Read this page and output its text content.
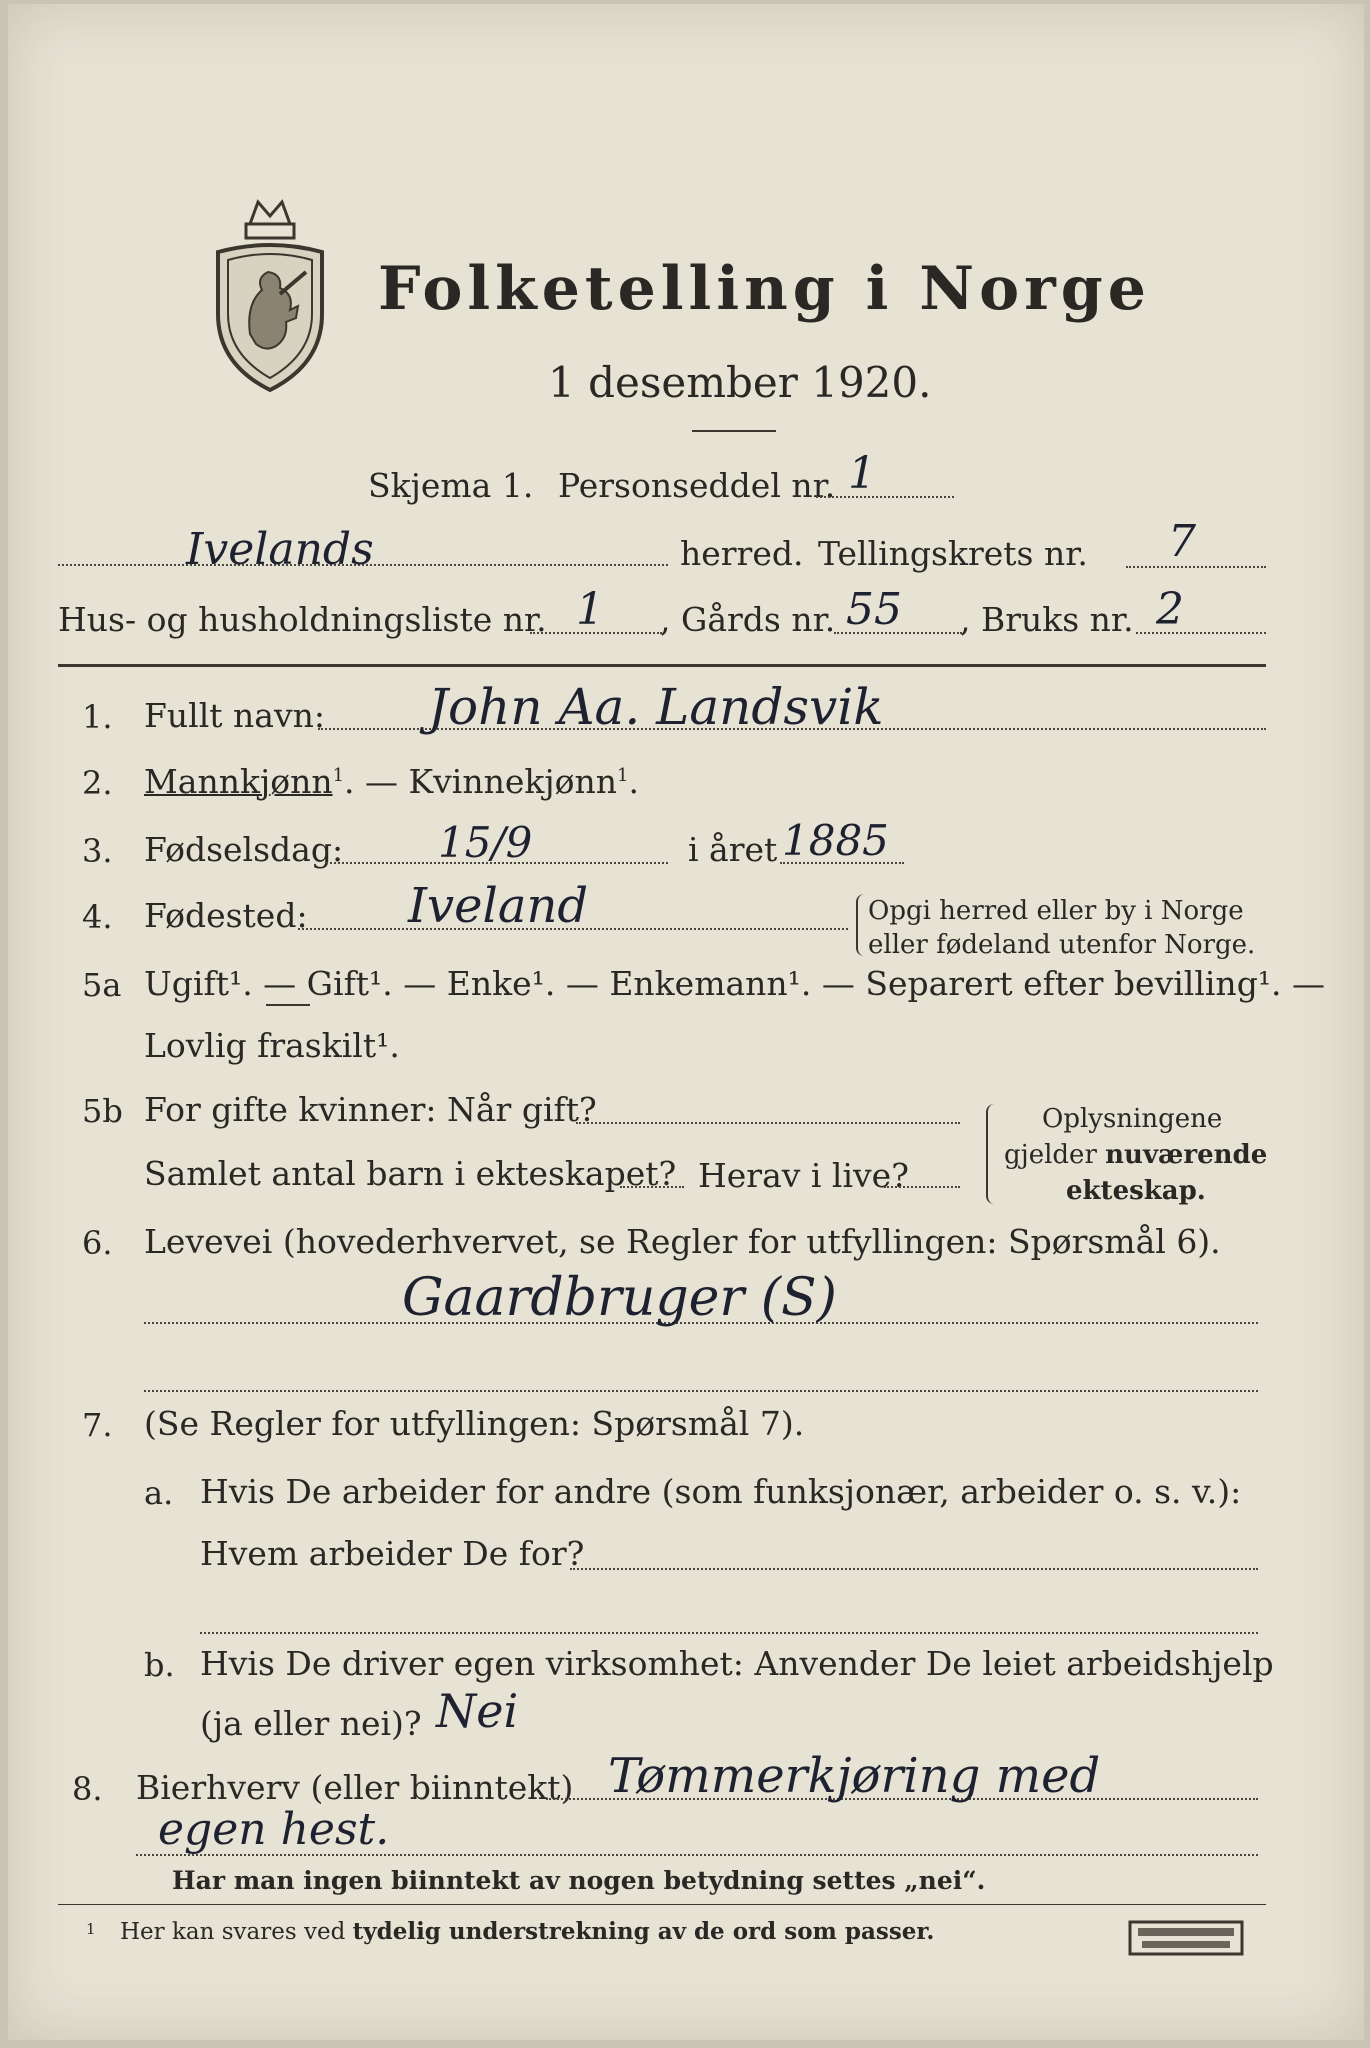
Folketelling i Norge
1 desember 1920.
Skjema 1. Personseddel nr. 1
Ivelands	herred. Tellingskrets nr. 7
Hus- og husholdningsliste nr. 1 , Gårds nr. 55 , Bruks nr. 2
1. Fullt navn: John Aa. Landsvik
2. Mannkjønn$^1$. — Kvinnekjønn$^1$.
3. Fødselsdag: 15/9	i året 1885
4. Fødested: Iveland	Opgi herred eller by i Norge
eller fødeland utenfor Norge.
5a Ugift¹. — Gift¹. — Enke¹. — Enkemann¹. — Separert efter bevilling¹. —
Lovlig fraskilt¹.
5b For gifte kvinner: Når gift?
Samlet antal barn i ekteskapet? Herav i live?
Oplysningene
gjelder nuværende
ekteskap.
6. Levevei (hovederhvervet, se Regler for utfyllingen: Spørsmål 6).
Gaardbruger (S)
7. (Se Regler for utfyllingen: Spørsmål 7).
a. Hvis De arbeider for andre (som funksjonær, arbeider o. s. v.):
Hvem arbeider De for?
b. Hvis De driver egen virksomhet: Anvender De leiet arbeidshjelp
(ja eller nei)? Nei
8. Bierhverv (eller biinntekt) Tømmerkjøring med
egen hest.
Har man ingen biinntekt av nogen betydning settes „nei“.
1 Her kan svares ved tydelig understrekning av de ord som passer.
